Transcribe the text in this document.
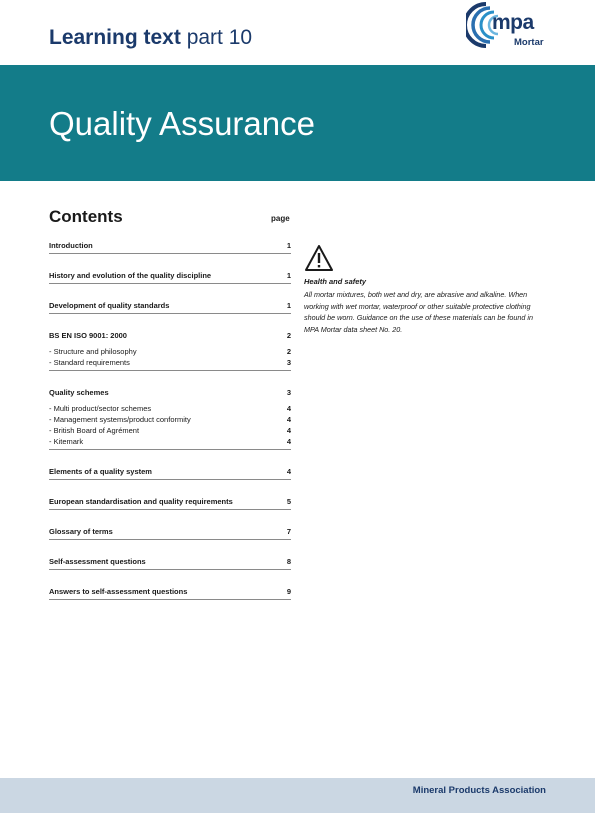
Learning text part 10
mpa
Mortar
Quality Assurance
Contents	page
Introduction	1
History and evolution of the quality discipline	1
Development of quality standards	1
BS EN ISO 9001: 2000	2
- Structure and philosophy	2
- Standard requirements	3
Quality schemes	3
- Multi product/sector schemes	4
- Management systems/product conformity	4
- British Board of Agrément	4
- Kitemark	4
Elements of a quality system	4
European standardisation and quality requirements	5
Glossary of terms	7
Self-assessment questions	8
Answers to self-assessment questions	9
Health and safety
All mortar mixtures, both wet and dry, are abrasive and alkaline. When working with wet mortar, waterproof or other suitable protective clothing should be worn. Guidance on the use of these materials can be found in MPA Mortar data sheet No. 20.
Mineral Products Association
